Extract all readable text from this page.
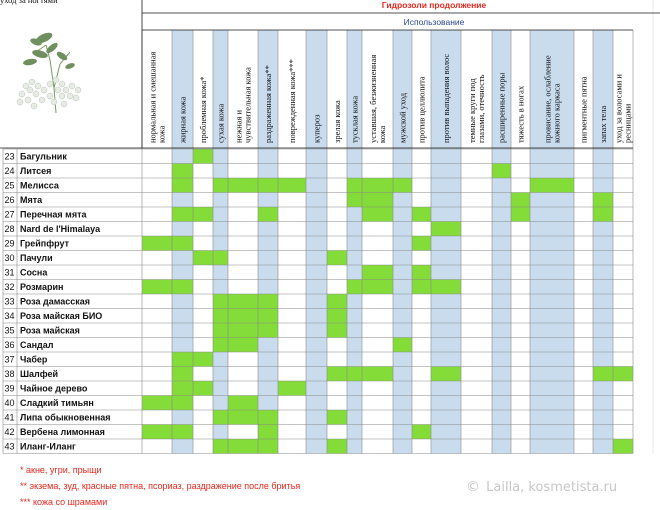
Гидрозоли продолжение
Использование
нормальная и смешаннаякожа жирная кожа проблемная кожа* сухая кожа нежная ичувствительная кожа раздраженная кожа** поврежденная кожа*** купероз зрелая кожа тусклая кожа уставшая, безжизненнаякожа мужской уход против целлюлита против выпадения волос темные круги подглазами, отечность расширенные поры тяжесть в ногах провисание, ослаблениекожного каркаса пигментные пятна запах тела уход за волосами иресницами
уход за ногтями
23 Багульник
24 Литсея
25 Мелисса
26 Мята
27 Перечная мята
28 Nard de l'Himalaya
29 Грейпфрут
30 Пачули
31 Сосна
32 Розмарин
33 Роза дамасская
34 Роза майская БИО
35 Роза майская
36 Сандал
37 Чабер
38 Шалфей
39 Чайное дерево
40 Сладкий тимьян
41 Липа обыкновенная
42 Вербена лимонная
43 Иланг-Иланг
* акне, угри, прыщи
** экзема, зуд, красные пятна, псориаз, раздражение после бритья
*** кожа со шрамами
© Lailla, kosmetista.ru
